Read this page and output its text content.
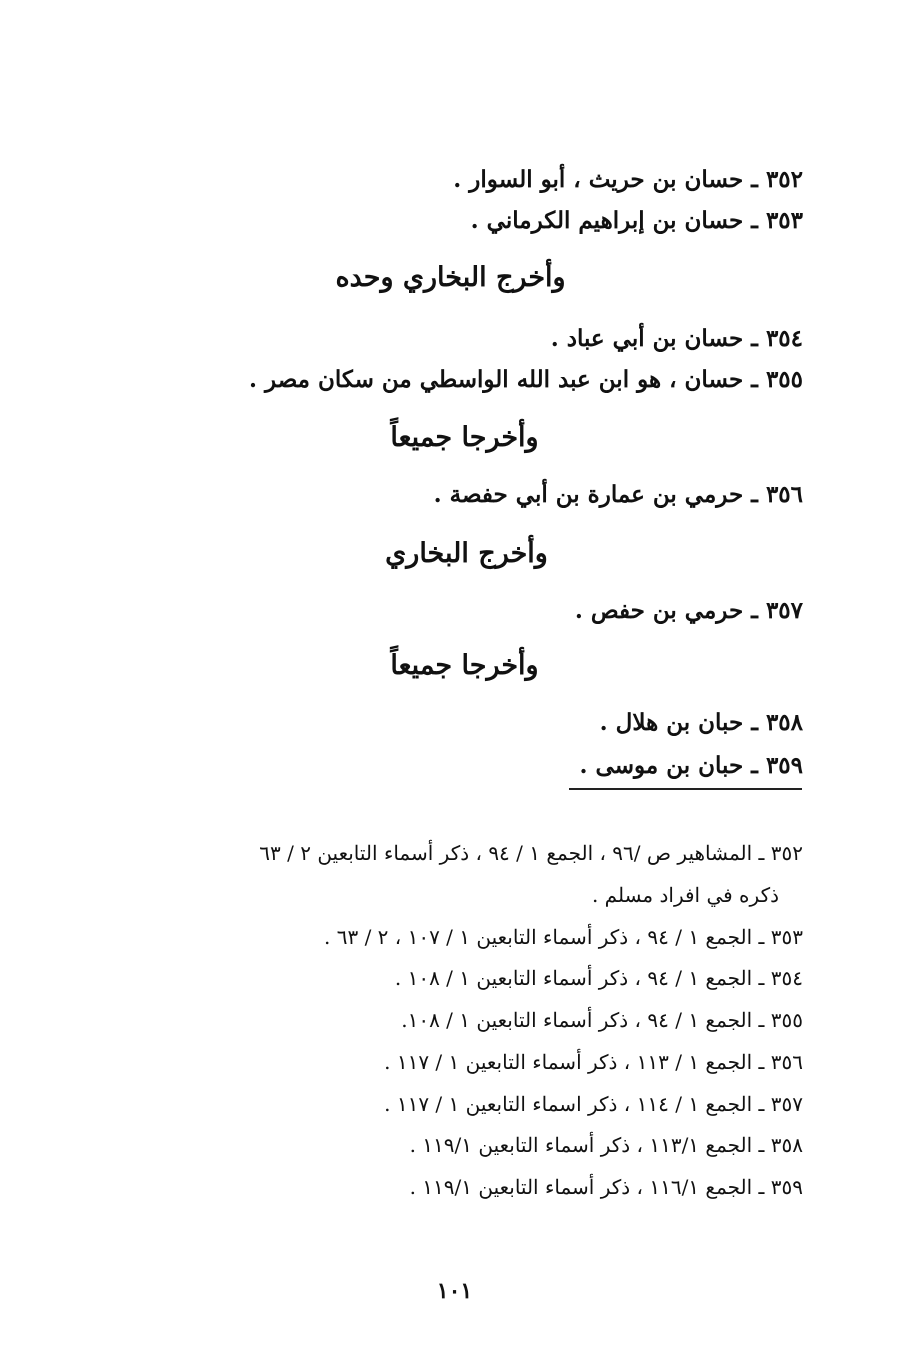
٣٥٢ ـ حسان بن حريث ، أبو السوار .
٣٥٣ ـ حسان بن إبراهيم الكرماني .
وأخرج البخاري وحده
٣٥٤ ـ حسان بن أبي عباد .
٣٥٥ ـ حسان ، هو ابن عبد الله الواسطي من سكان مصر .
وأخرجا جميعاً
٣٥٦ ـ حرمي بن عمارة بن أبي حفصة .
وأخرج البخاري
٣٥٧ ـ حرمي بن حفص .
وأخرجا جميعاً
٣٥٨ ـ حبان بن هلال .
٣٥٩ ـ حبان بن موسى .
٣٥٢ ـ المشاهير ص /٩٦ ، الجمع ١ / ٩٤ ، ذكر أسماء التابعين ٢ / ٦٣
ذكره في افراد مسلم .
٣٥٣ ـ الجمع ١ / ٩٤ ، ذكر أسماء التابعين ١ / ١٠٧ ، ٢ / ٦٣ .
٣٥٤ ـ الجمع ١ / ٩٤ ، ذكر أسماء التابعين ١ / ١٠٨ .
٣٥٥ ـ الجمع ١ / ٩٤ ، ذكر أسماء التابعين ١ / ١٠٨.
٣٥٦ ـ الجمع ١ / ١١٣ ، ذكر أسماء التابعين ١ / ١١٧ .
٣٥٧ ـ الجمع ١ / ١١٤ ، ذكر اسماء التابعين ١ / ١١٧ .
٣٥٨ ـ الجمع ١١٣/١ ، ذكر أسماء التابعين ١١٩/١ .
٣٥٩ ـ الجمع ١١٦/١ ، ذكر أسماء التابعين ١١٩/١ .
١٠١
